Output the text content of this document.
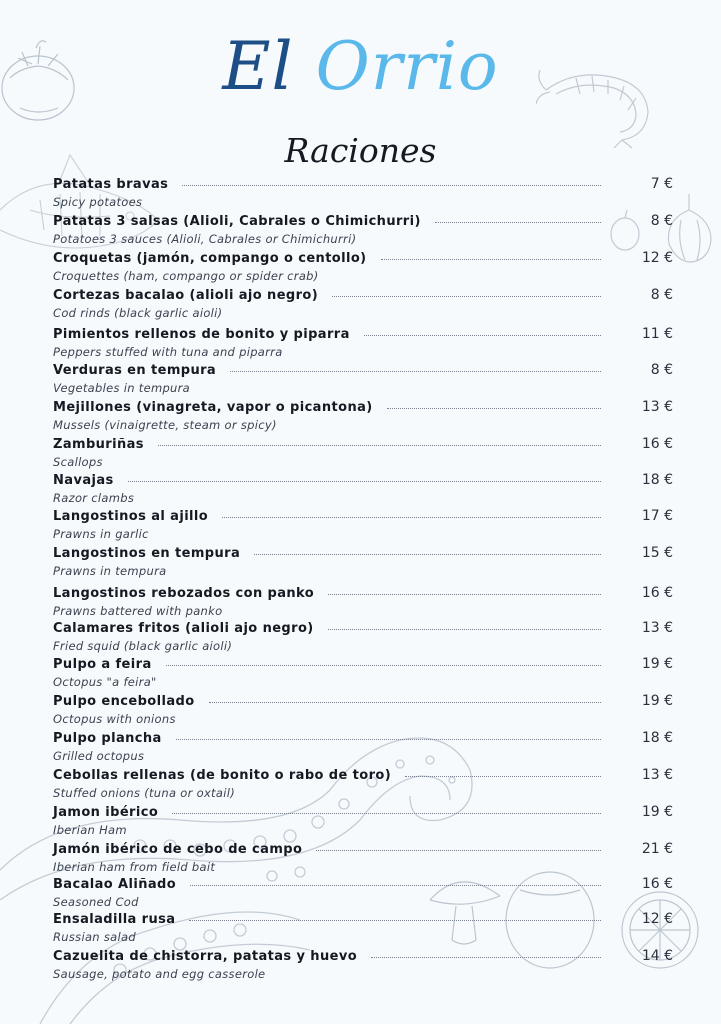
El Orrio
Raciones
Patatas bravas	7 €
Spicy potatoes
Patatas 3 salsas (Alioli, Cabrales o Chimichurri)	8 €
Potatoes 3 sauces (Alioli, Cabrales or Chimichurri)
Croquetas (jamón, compango o centollo)	12 €
Croquettes (ham, compango or spider crab)
Cortezas bacalao (alioli ajo negro)	8 €
Cod rinds (black garlic aioli)
Pimientos rellenos de bonito y piparra	11 €
Peppers stuffed with tuna and piparra
Verduras en tempura	8 €
Vegetables in tempura
Mejillones (vinagreta, vapor o picantona)	13 €
Mussels (vinaigrette, steam or spicy)
Zamburiñas	16 €
Scallops
Navajas	18 €
Razor clambs
Langostinos al ajillo	17 €
Prawns in garlic
Langostinos en tempura	15 €
Prawns in tempura
Langostinos rebozados con panko	16 €
Prawns battered with panko
Calamares fritos (alioli ajo negro)	13 €
Fried squid (black garlic aioli)
Pulpo a feira	19 €
Octopus "a feira"
Pulpo encebollado	19 €
Octopus with onions
Pulpo plancha	18 €
Grilled octopus
Cebollas rellenas (de bonito o rabo de toro)	13 €
Stuffed onions (tuna or oxtail)
Jamon ibérico	19 €
Iberian Ham
Jamón ibérico de cebo de campo	21 €
Iberian ham from field bait
Bacalao Aliñado	16 €
Seasoned Cod
Ensaladilla rusa	12 €
Russian salad
Cazuelita de chistorra, patatas y huevo	14 €
Sausage, potato and egg casserole
